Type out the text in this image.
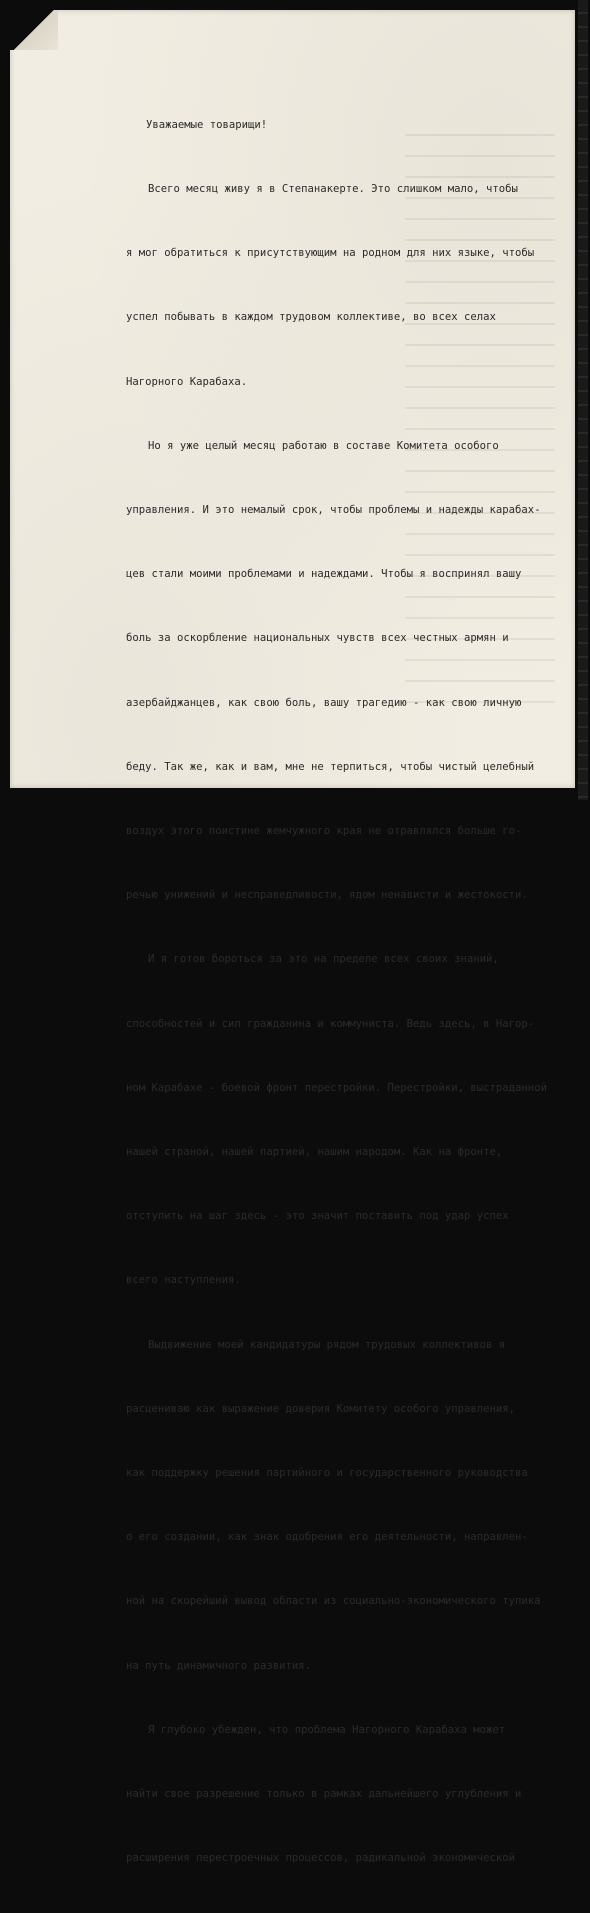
Уважаемые товарищи!

Всего месяц живу я в Степанакерте. Это слишком мало, чтобы

я мог обратиться к присутствующим на родном для них языке, чтобы

успел побывать в каждом трудовом коллективе, во всех селах

Нагорного Карабаха.

Но я уже целый месяц работаю в составе Комитета особого

управления. И это немалый срок, чтобы проблемы и надежды карабах-

цев стали моими проблемами и надеждами. Чтобы я воспринял вашу

боль за оскорбление национальных чувств всех честных армян и

азербайджанцев, как свою боль, вашу трагедию - как свою личную

беду. Так же, как и вам, мне не терпиться, чтобы чистый целебный

воздух этого поистине жемчужного края не отравлялся больше го-

речью унижений и несправедливости, ядом ненависти и жестокости.

И я готов бороться за это на пределе всех своих знаний,

способностей и сил гражданина и коммуниста. Ведь здесь, в Нагор-

ном Карабахе - боевой фронт перестройки. Перестройки, выстраданной

нашей страной, нашей партией, нашим народом. Как на фронте,

отступить на шаг здесь - это значит поставить под удар успех

всего наступления.

Выдвижение моей кандидатуры рядом трудовых коллективов я

расцениваю как выражение доверия Комитету особого управления,

как поддержку решения партийного и государственного руководства

о его создании, как знак одобрения его деятельности, направлен-

ной на скорейший вывод области из социально-экономического тупика

на путь динамичного развития.

Я глубоко убежден, что проблема Нагорного Карабаха может

найти свое разрешение только в рамках дальнейшего углубления и

расширения перестроечных процессов, радикальной экономической
